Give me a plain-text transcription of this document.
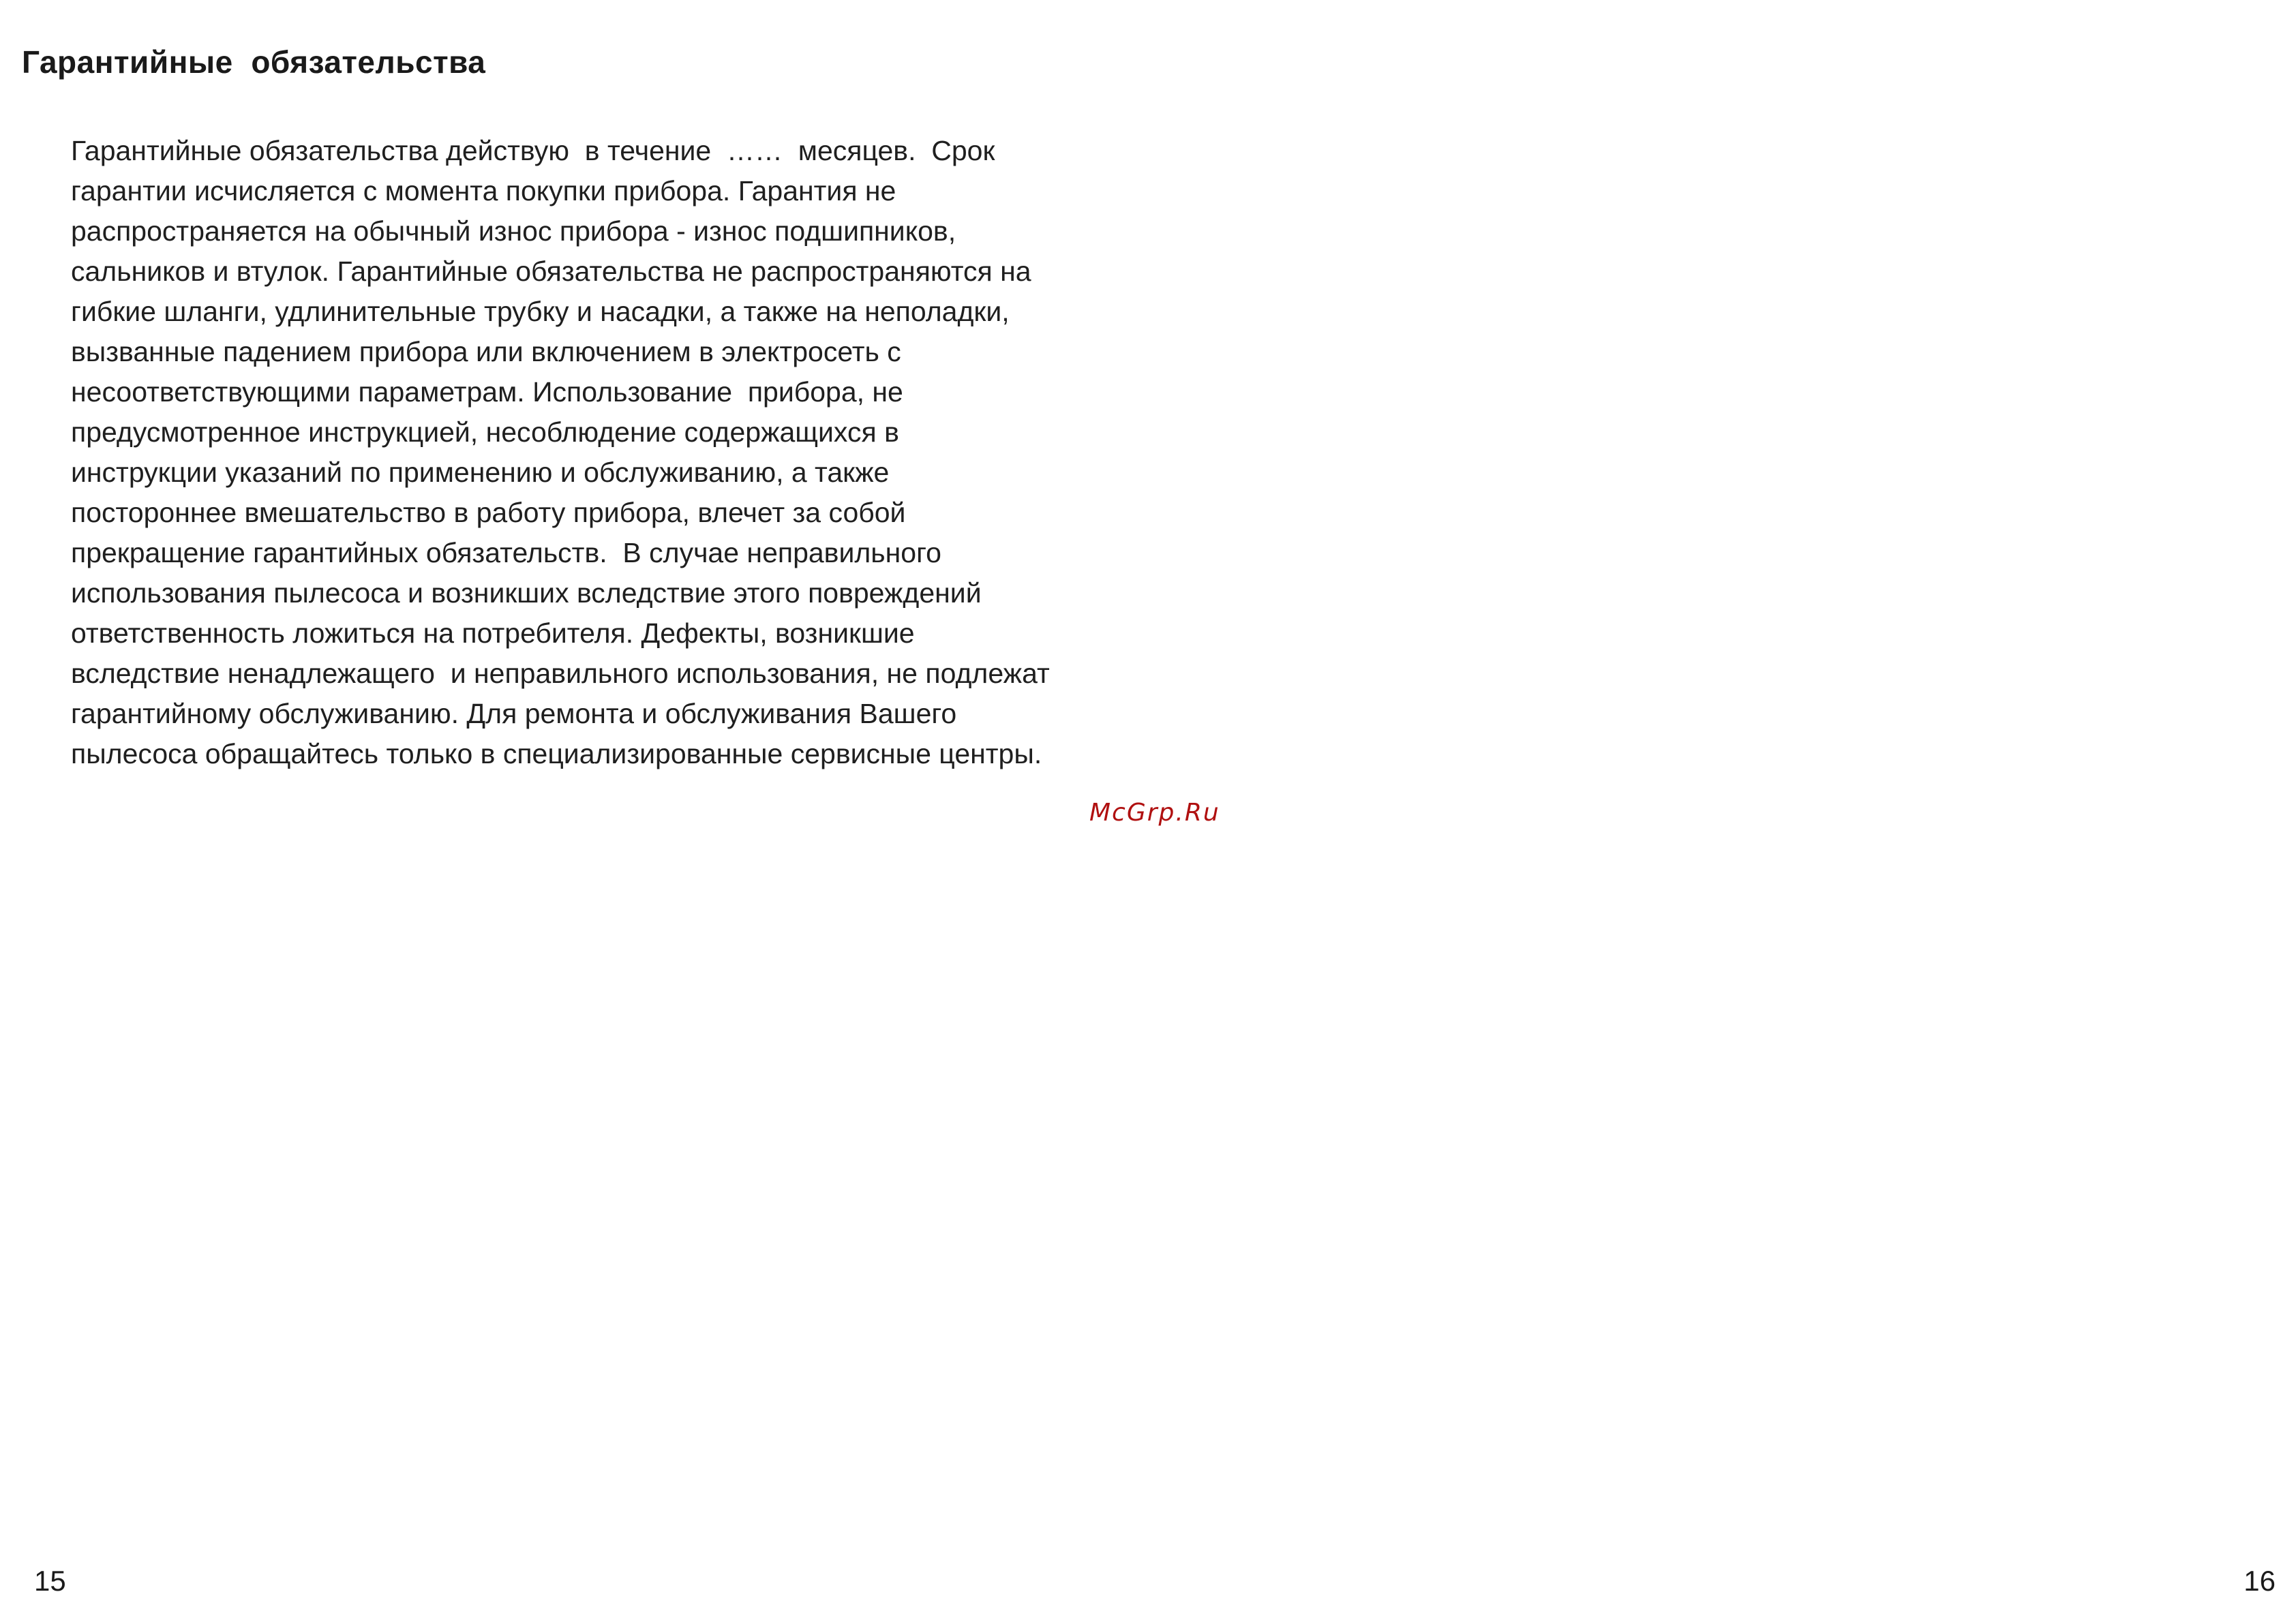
Гарантийные  обязательства

Гарантийные обязательства действую  в течение  ……  месяцев.  Срок
гарантии исчисляется с момента покупки прибора. Гарантия не
распространяется на обычный износ прибора - износ подшипников,
сальников и втулок. Гарантийные обязательства не распространяются на
гибкие шланги, удлинительные трубку и насадки, а также на неполадки,
вызванные падением прибора или включением в электросеть с
несоответствующими параметрам. Использование  прибора, не
предусмотренное инструкцией, несоблюдение содержащихся в
инструкции указаний по применению и обслуживанию, а также
постороннее вмешательство в работу прибора, влечет за собой
прекращение гарантийных обязательств.  В случае неправильного
использования пылесоса и возникших вследствие этого повреждений
ответственность ложиться на потребителя. Дефекты, возникшие
вследствие ненадлежащего  и неправильного использования, не подлежат
гарантийному обслуживанию. Для ремонта и обслуживания Вашего
пылесоса обращайтесь только в специализированные сервисные центры.

McGrp.Ru
15	16
